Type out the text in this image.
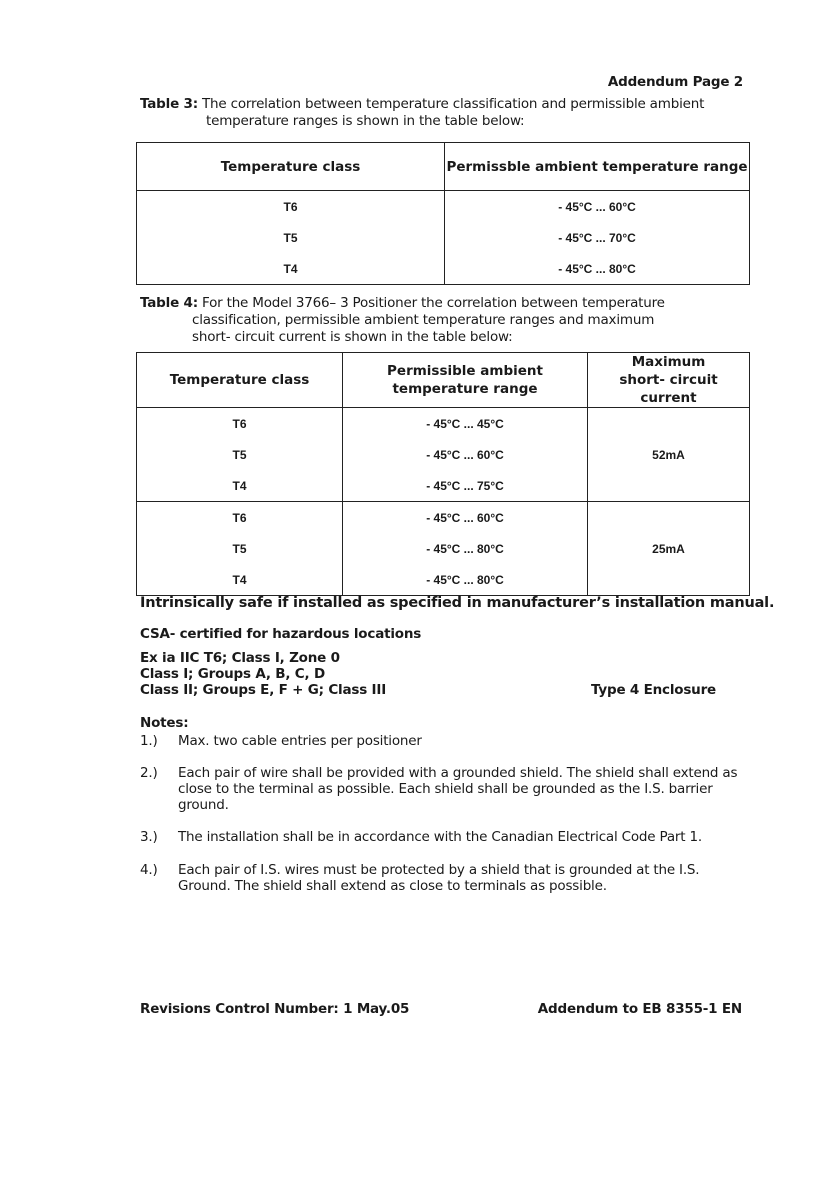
Addendum Page 2
Table 3: The correlation between temperature classification and permissible ambient
temperature ranges is shown in the table below:
Temperature class	Permissble ambient temperature range
T6	- 45°C ... 60°C
T5	- 45°C ... 70°C
T4	- 45°C ... 80°C
Table 4: For the Model 3766– 3 Positioner the correlation between temperature
classification, permissible ambient temperature ranges and maximum
short- circuit current is shown in the table below:
Temperature class	Permissible ambient temperature range	Maximum short- circuit current
T6	- 45°C ... 45°C	52mA
T5	- 45°C ... 60°C	
T4	- 45°C ... 75°C	
T6	- 45°C ... 60°C	25mA
T5	- 45°C ... 80°C	
T4	- 45°C ... 80°C	
Intrinsically safe if installed as specified in manufacturer’s installation manual.
CSA- certified for hazardous locations
Ex ia IIC T6; Class I, Zone 0
Class I; Groups A, B, C, D
Class II; Groups E, F + G; Class III	Type 4 Enclosure
Notes:
1.) Max. two cable entries per positioner
2.) Each pair of wire shall be provided with a grounded shield. The shield shall extend as close to the terminal as possible. Each shield shall be grounded as the I.S. barrier ground.
3.) The installation shall be in accordance with the Canadian Electrical Code Part 1.
4.) Each pair of I.S. wires must be protected by a shield that is grounded at the I.S. Ground. The shield shall extend as close to terminals as possible.
Revisions Control Number: 1 May.05	Addendum to EB 8355-1 EN
